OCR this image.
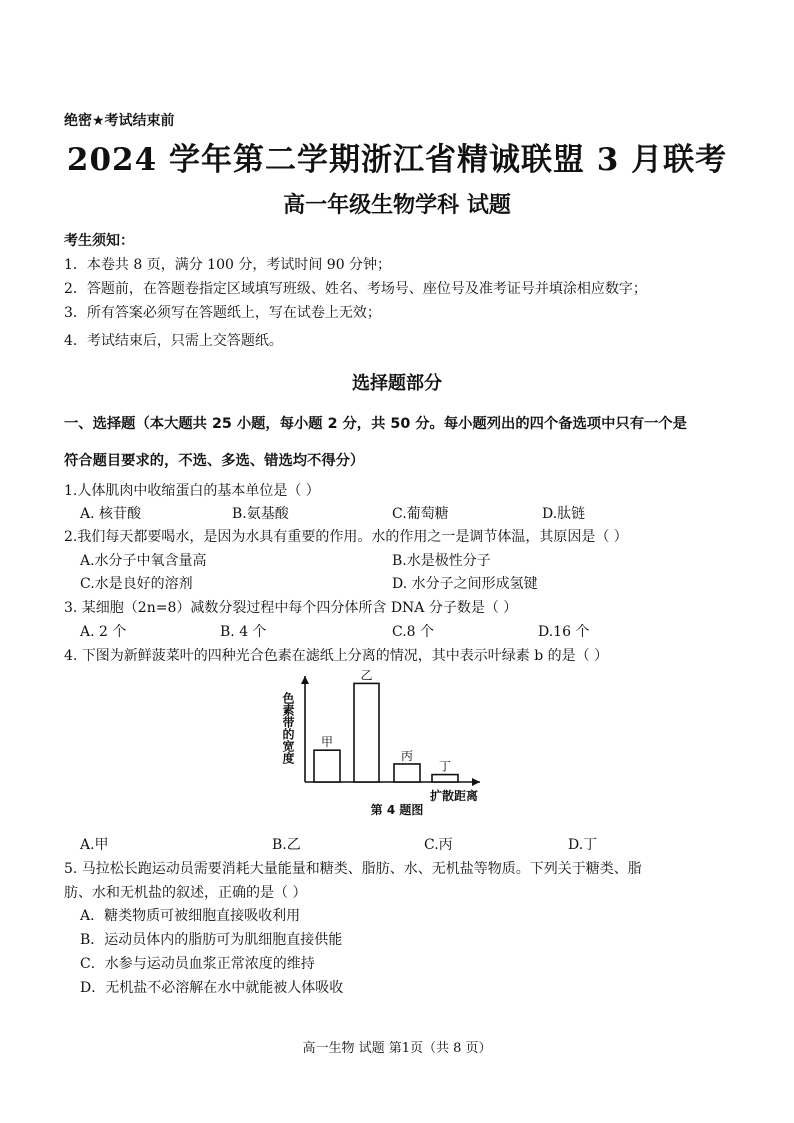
绝密★考试结束前
2024 学年第二学期浙江省精诚联盟 3 月联考
高一年级生物学科 试题
考生须知：
1．本卷共 8 页，满分 100 分，考试时间 90 分钟；
2．答题前，在答题卷指定区域填写班级、姓名、考场号、座位号及准考证号并填涂相应数字；
3．所有答案必须写在答题纸上，写在试卷上无效；
4．考试结束后，只需上交答题纸。
选择题部分
一、选择题（本大题共 25 小题，每小题 2 分，共 50 分。每小题列出的四个备选项中只有一个是
符合题目要求的，不选、多选、错选均不得分）
1.人体肌肉中收缩蛋白的基本单位是（ ）
A. 核苷酸	B.氨基酸	C.葡萄糖	D.肽链
2.我们每天都要喝水，是因为水具有重要的作用。水的作用之一是调节体温，其原因是（ ）
A.水分子中氧含量高	B.水是极性分子
C.水是良好的溶剂	D. 水分子之间形成氢键
3. 某细胞（2n=8）减数分裂过程中每个四分体所含 DNA 分子数是（ ）
A. 2 个	B. 4 个	C.8 个	D.16 个
4. 下图为新鲜菠菜叶的四种光合色素在滤纸上分离的情况，其中表示叶绿素 b 的是（ ）
色素带的宽度
扩散距离
甲
乙
丙
丁
第 4 题图
A.甲	B.乙	C.丙	D.丁
5. 马拉松长跑运动员需要消耗大量能量和糖类、脂肪、水、无机盐等物质。下列关于糖类、脂
肪、水和无机盐的叙述，正确的是（ ）
A．糖类物质可被细胞直接吸收利用
B．运动员体内的脂肪可为肌细胞直接供能
C．水参与运动员血浆正常浓度的维持
D．无机盐不必溶解在水中就能被人体吸收
高一生物 试题 第1页（共 8 页）
